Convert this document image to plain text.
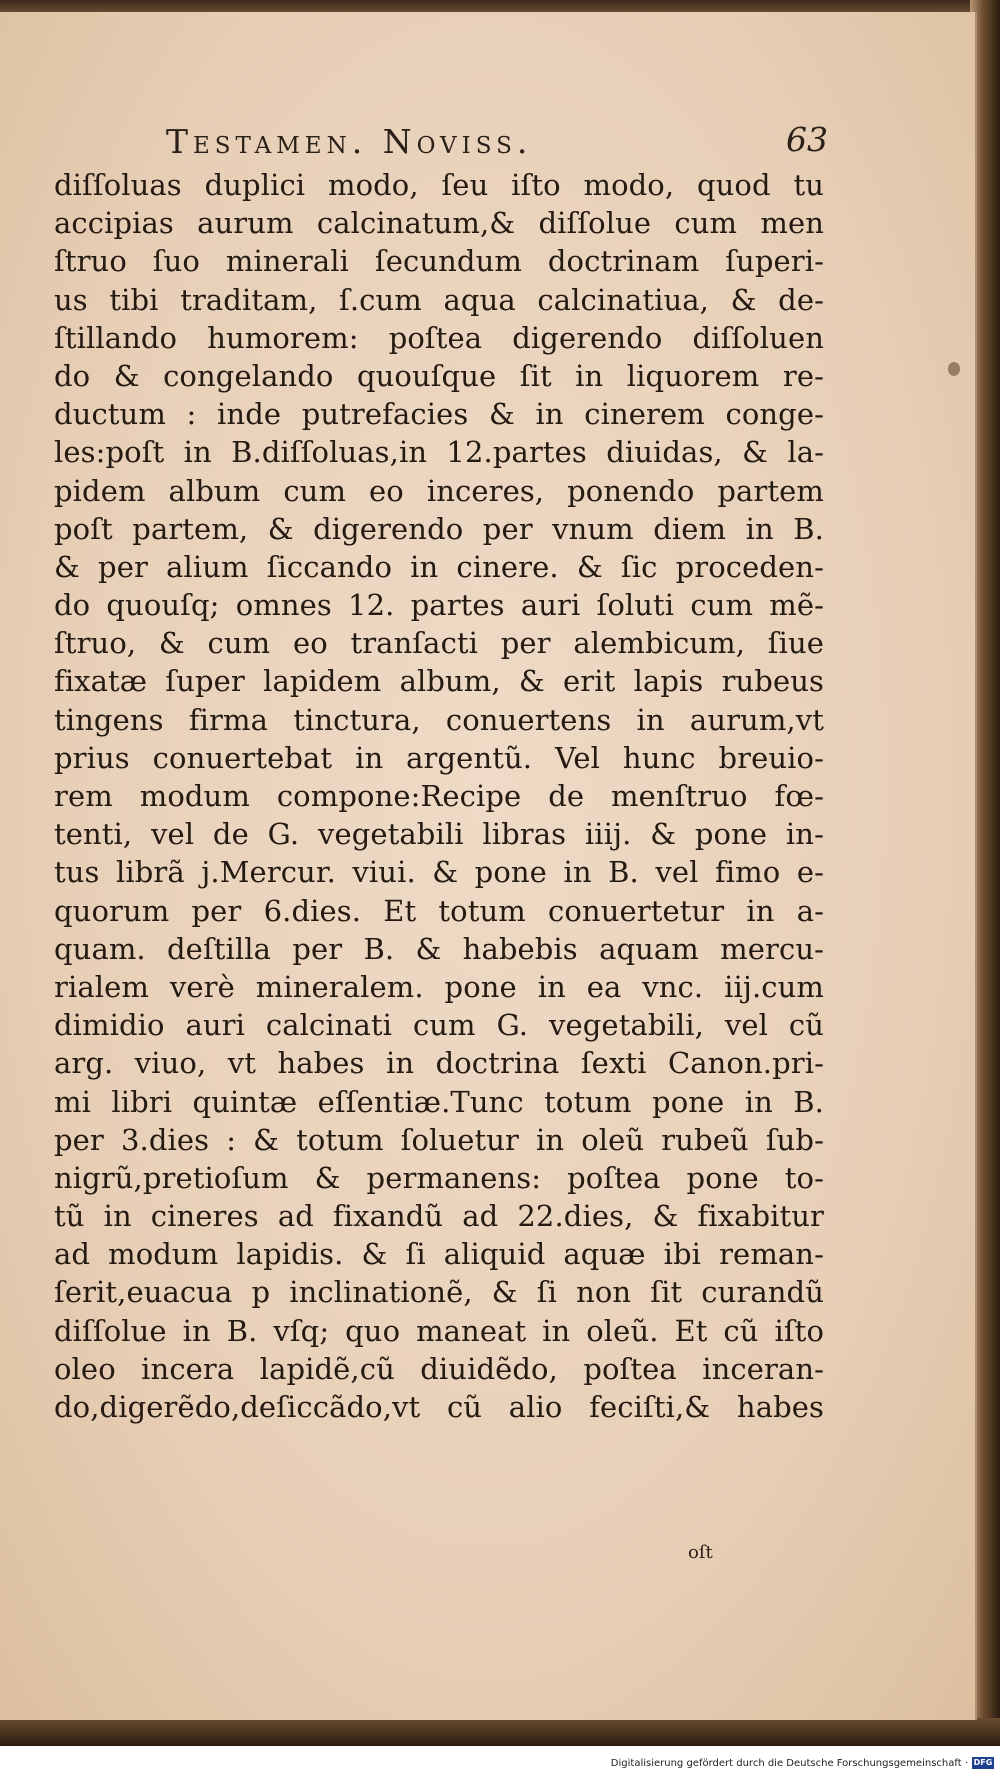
Testamen. Noviss.	63
diſſoluas duplici modo, ſeu iſto modo, quod tu
accipias aurum calcinatum,& diſſolue cum men
ſtruo ſuo minerali ſecundum doctrinam ſuperi-
us tibi traditam, ſ.cum aqua calcinatiua, & de-
ſtillando humorem: poſtea digerendo diſſoluen
do & congelando quouſque ſit in liquorem re-
ductum : inde putrefacies & in cinerem conge-
les:poſt in B.diſſoluas,in 12.partes diuidas, & la-
pidem album cum eo inceres, ponendo partem
poſt partem, & digerendo per vnum diem in B.
& per alium ſiccando in cinere. & ſic proceden-
do quouſq; omnes 12. partes auri ſoluti cum mẽ-
ſtruo, & cum eo tranſacti per alembicum, ſiue
fixatæ ſuper lapidem album, & erit lapis rubeus
tingens firma tinctura, conuertens in aurum,vt
prius conuertebat in argentũ. Vel hunc breuio-
rem modum compone:Recipe de menſtruo fœ-
tenti, vel de G. vegetabili libras iiij. & pone in-
tus librã j.Mercur. viui. & pone in B. vel fimo e-
quorum per 6.dies. Et totum conuertetur in a-
quam. deſtilla per B. & habebis aquam mercu-
rialem verè mineralem. pone in ea vnc. iij.cum
dimidio auri calcinati cum G. vegetabili, vel cũ
arg. viuo, vt habes in doctrina ſexti Canon.pri-
mi libri quintæ eſſentiæ.Tunc totum pone in B.
per 3.dies : & totum ſoluetur in oleũ rubeũ ſub-
nigrũ,pretioſum & permanens: poſtea pone to-
tũ in cineres ad fixandũ ad 22.dies, & fixabitur
ad modum lapidis. & ſi aliquid aquæ ibi reman-
ſerit,euacua p inclinationẽ, & ſi non ſit curandũ
diſſolue in B. vſq; quo maneat in oleũ. Et cũ iſto
oleo incera lapidẽ,cũ diuidẽdo, poſtea inceran-
do,digerẽdo,deſiccãdo,vt cũ alio feciſti,& habes
oſt
Digitalisierung gefördert durch die Deutsche Forschungsgemeinschaft · DFG
